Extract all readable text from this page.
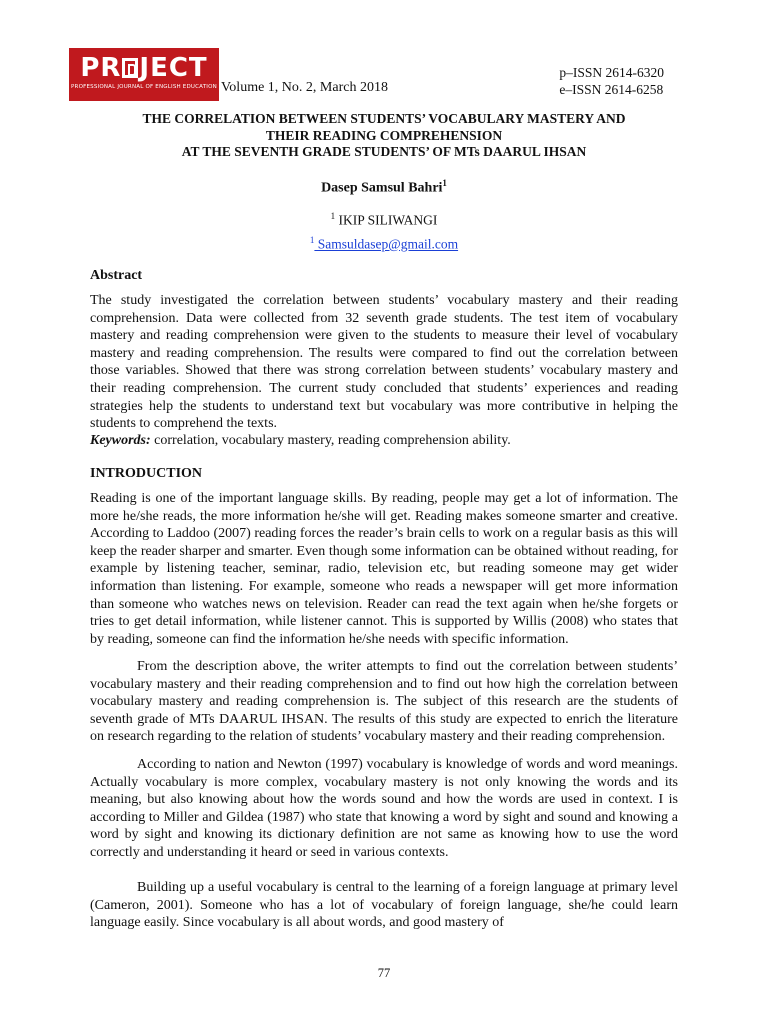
PR JECT
PROFESSIONAL JOURNAL OF ENGLISH EDUCATION Volume 1, No. 2, March 2018
p–ISSN 2614-6320
e–ISSN 2614-6258
THE CORRELATION BETWEEN STUDENTS’ VOCABULARY MASTERY AND
THEIR READING COMPREHENSION
AT THE SEVENTH GRADE STUDENTS’ OF MTs DAARUL IHSAN
Dasep Samsul Bahri$^1$
$^1$ IKIP SILIWANGI
$^1$ Samsuldasep@gmail.com
Abstract

The study investigated the correlation between students’ vocabulary mastery and their reading comprehension. Data were collected from 32 seventh grade students. The test item of vocabulary mastery and reading comprehension were given to the students to measure their level of vocabulary mastery and reading comprehension. The results were compared to find out the correlation between those variables. Showed that there was strong correlation between students’ vocabulary mastery and their reading comprehension. The current study concluded that students’ experiences and reading strategies help the students to understand text but vocabulary was more contributive in helping the students to comprehend the texts.

Keywords: correlation, vocabulary mastery, reading comprehension ability.
INTRODUCTION

Reading is one of the important language skills. By reading, people may get a lot of information. The more he/she reads, the more information he/she will get. Reading makes someone smarter and creative. According to Laddoo (2007) reading forces the reader’s brain cells to work on a regular basis as this will keep the reader sharper and smarter. Even though some information can be obtained without reading, for example by listening teacher, seminar, radio, television etc, but reading someone may get wider information than listening. For example, someone who reads a newspaper will get more information than someone who watches news on television. Reader can read the text again when he/she forgets or tries to get detail information, while listener cannot. This is supported by Willis (2008) who states that by reading, someone can find the information he/she needs with specific information.

From the description above, the writer attempts to find out the correlation between students’ vocabulary mastery and their reading comprehension and to find out how high the correlation between vocabulary mastery and reading comprehension is. The subject of this research are the students of seventh grade of MTs DAARUL IHSAN. The results of this study are expected to enrich the literature on research regarding to the relation of students’ vocabulary mastery and their reading comprehension.

According to nation and Newton (1997) vocabulary is knowledge of words and word meanings. Actually vocabulary is more complex, vocabulary mastery is not only knowing the words and its meaning, but also knowing about how the words sound and how the words are used in context. I is according to Miller and Gildea (1987) who state that knowing a word by sight and sound and knowing a word by sight and knowing its dictionary definition are not same as knowing how to use the word correctly and understanding it heard or seed in various contexts.

Building up a useful vocabulary is central to the learning of a foreign language at primary level (Cameron, 2001). Someone who has a lot of vocabulary of foreign language, she/he could learn language easily. Since vocabulary is all about words, and good mastery of

77
